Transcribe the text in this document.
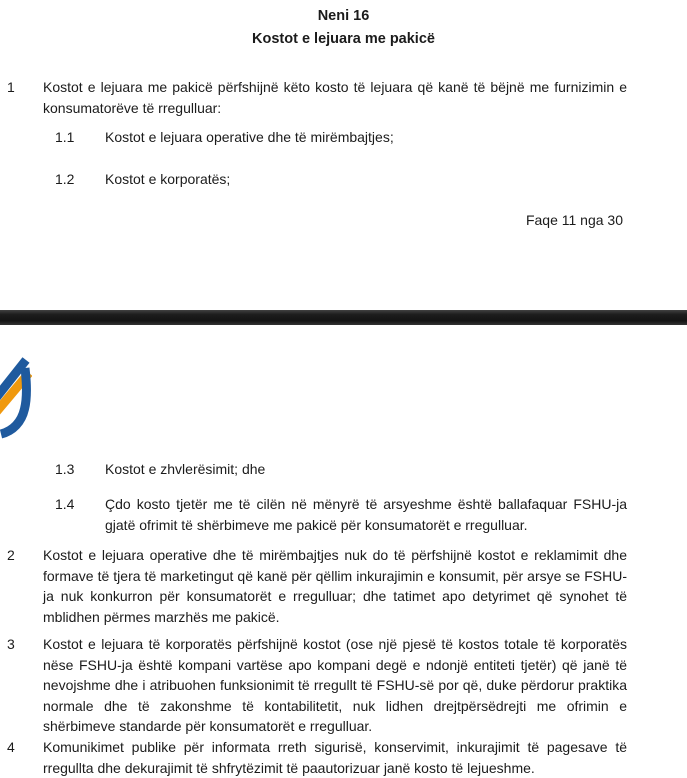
Neni 16
Kostot e lejuara me pakicë
1	Kostot e lejuara me pakicë përfshijnë këto kosto të lejuara që kanë të bëjnë me furnizimin e konsumatorëve të rregulluar:
1.1	Kostot e lejuara operative dhe të mirëmbajtjes;
1.2	Kostot e korporatës;
Faqe 11 nga 30
1.3	Kostot e zhvlerësimit; dhe
1.4	Çdo kosto tjetër me të cilën në mënyrë të arsyeshme është ballafaquar FSHU-ja gjatë ofrimit të shërbimeve me pakicë për konsumatorët e rregulluar.
2	Kostot e lejuara operative dhe të mirëmbajtjes nuk do të përfshijnë kostot e reklamimit dhe formave të tjera të marketingut që kanë për qëllim inkurajimin e konsumit, për arsye se FSHU-ja nuk konkurron për konsumatorët e rregulluar; dhe tatimet apo detyrimet që synohet të mblidhen përmes marzhës me pakicë.
3	Kostot e lejuara të korporatës përfshijnë kostot (ose një pjesë të kostos totale të korporatës nëse FSHU-ja është kompani vartëse apo kompani degë e ndonjë entiteti tjetër) që janë të nevojshme dhe i atribuohen funksionimit të rregullt të FSHU-së por që, duke përdorur praktika normale dhe të zakonshme të kontabilitetit, nuk lidhen drejtpërsëdrejti me ofrimin e shërbimeve standarde për konsumatorët e rregulluar.
4	Komunikimet publike për informata rreth sigurisë, konservimit, inkurajimit të pagesave të rregullta dhe dekurajimit të shfrytëzimit të paautorizuar janë kosto të lejueshme.
